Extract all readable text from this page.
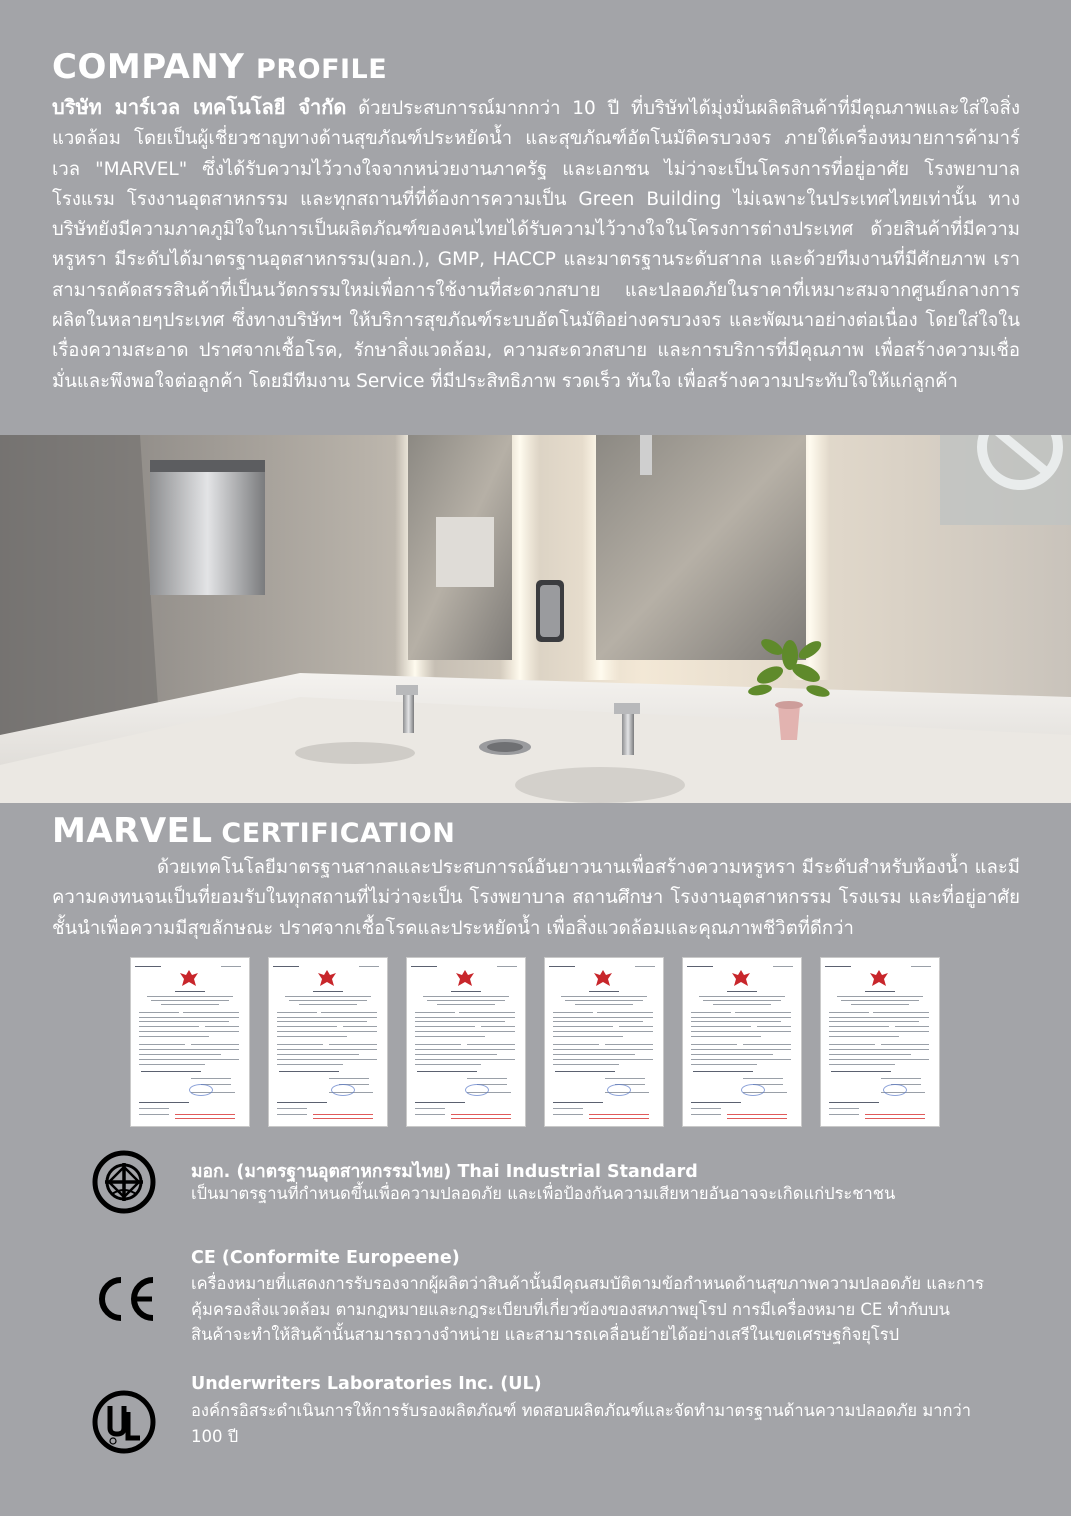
COMPANY PROFILE

บริษัท มาร์เวล เทคโนโลยี จำกัด ด้วยประสบการณ์มากกว่า 10 ปี ที่บริษัทได้มุ่งมั่นผลิตสินค้าที่มีคุณภาพและใส่ใจสิ่งแวดล้อม โดยเป็นผู้เชี่ยวชาญทางด้านสุขภัณฑ์ประหยัดน้ำ และสุขภัณฑ์อัตโนมัติครบวงจร ภายใต้เครื่องหมายการค้ามาร์เวล "MARVEL" ซึ่งได้รับความไว้วางใจจากหน่วยงานภาครัฐ และเอกชน ไม่ว่าจะเป็นโครงการที่อยู่อาศัย โรงพยาบาล โรงแรม โรงงานอุตสาหกรรม และทุกสถานที่ที่ต้องการความเป็น Green Building ไม่เฉพาะในประเทศไทยเท่านั้น ทางบริษัทยังมีความภาคภูมิใจในการเป็นผลิตภัณฑ์ของคนไทยได้รับความไว้วางใจในโครงการต่างประเทศ ด้วยสินค้าที่มีความหรูหรา มีระดับได้มาตรฐานอุตสาหกรรม(มอก.), GMP, HACCP และมาตรฐานระดับสากล และด้วยทีมงานที่มีศักยภาพ เราสามารถคัดสรรสินค้าที่เป็นนวัตกรรมใหม่เพื่อการใช้งานที่สะดวกสบาย และปลอดภัยในราคาที่เหมาะสมจากศูนย์กลางการผลิตในหลายๆประเทศ ซึ่งทางบริษัทฯ ให้บริการสุขภัณฑ์ระบบอัตโนมัติอย่างครบวงจร และพัฒนาอย่างต่อเนื่อง โดยใส่ใจในเรื่องความสะอาด ปราศจากเชื้อโรค, รักษาสิ่งแวดล้อม, ความสะดวกสบาย และการบริการที่มีคุณภาพ เพื่อสร้างความเชื่อมั่นและพึงพอใจต่อลูกค้า โดยมีทีมงาน Service ที่มีประสิทธิภาพ รวดเร็ว ทันใจ เพื่อสร้างความประทับใจให้แก่ลูกค้า

MARVEL CERTIFICATION

ด้วยเทคโนโลยีมาตรฐานสากลและประสบการณ์อันยาวนานเพื่อสร้างความหรูหรา มีระดับสำหรับห้องน้ำ และมีความคงทนจนเป็นที่ยอมรับในทุกสถานที่ไม่ว่าจะเป็น โรงพยาบาล สถานศึกษา โรงงานอุตสาหกรรม โรงแรม และที่อยู่อาศัยชั้นนำเพื่อความมีสุขลักษณะ ปราศจากเชื้อโรคและประหยัดน้ำ เพื่อสิ่งแวดล้อมและคุณภาพชีวิตที่ดีกว่า

มอก. (มาตรฐานอุตสาหกรรมไทย) Thai Industrial Standard

เป็นมาตรฐานที่กำหนดขึ้นเพื่อความปลอดภัย และเพื่อป้องกันความเสียหายอันอาจจะเกิดแก่ประชาชน

CE (Conformite Europeene)

เครื่องหมายที่แสดงการรับรองจากผู้ผลิตว่าสินค้านั้นมีคุณสมบัติตามข้อกำหนดด้านสุขภาพความปลอดภัย และการคุ้มครองสิ่งแวดล้อม ตามกฎหมายและกฎระเบียบที่เกี่ยวข้องของสหภาพยุโรป การมีเครื่องหมาย CE ทำกับบนสินค้าจะทำให้สินค้านั้นสามารถวางจำหน่าย และสามารถเคลื่อนย้ายได้อย่างเสรีในเขตเศรษฐกิจยุโรป

Underwriters Laboratories Inc. (UL)

องค์กรอิสระดำเนินการให้การรับรองผลิตภัณฑ์ ทดสอบผลิตภัณฑ์และจัดทำมาตรฐานด้านความปลอดภัย มากว่า 100 ปี
